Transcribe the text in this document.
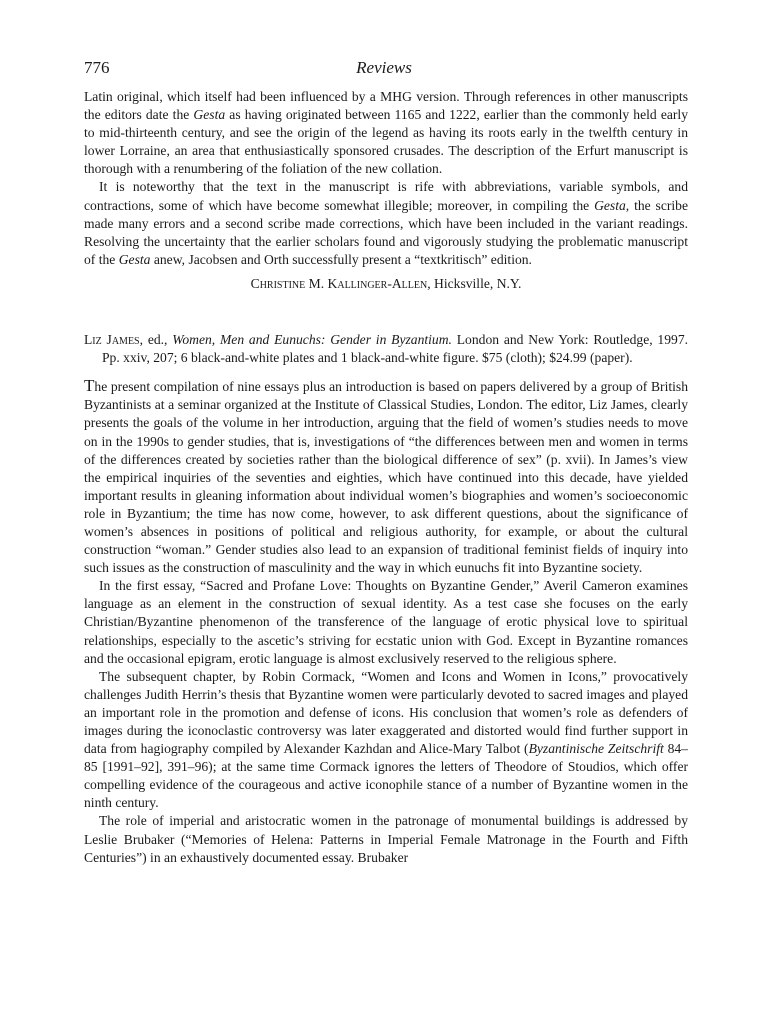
776	Reviews

Latin original, which itself had been influenced by a MHG version. Through references in other manuscripts the editors date the Gesta as having originated between 1165 and 1222, earlier than the commonly held early to mid-thirteenth century, and see the origin of the legend as having its roots early in the twelfth century in lower Lorraine, an area that enthusiastically sponsored crusades. The description of the Erfurt manuscript is thorough with a renumbering of the foliation of the new collation.

It is noteworthy that the text in the manuscript is rife with abbreviations, variable symbols, and contractions, some of which have become somewhat illegible; moreover, in compiling the Gesta, the scribe made many errors and a second scribe made corrections, which have been included in the variant readings. Resolving the uncertainty that the earlier scholars found and vigorously studying the problematic manuscript of the Gesta anew, Jacobsen and Orth successfully present a “textkritisch” edition.

Christine M. Kallinger-Allen, Hicksville, N.Y.

Liz James, ed., Women, Men and Eunuchs: Gender in Byzantium. London and New York: Routledge, 1997. Pp. xxiv, 207; 6 black-and-white plates and 1 black-and-white figure. $75 (cloth); $24.99 (paper).

The present compilation of nine essays plus an introduction is based on papers delivered by a group of British Byzantinists at a seminar organized at the Institute of Classical Studies, London. The editor, Liz James, clearly presents the goals of the volume in her introduction, arguing that the field of women’s studies needs to move on in the 1990s to gender studies, that is, investigations of “the differences between men and women in terms of the differences created by societies rather than the biological difference of sex” (p. xvii). In James’s view the empirical inquiries of the seventies and eighties, which have continued into this decade, have yielded important results in gleaning information about individual women’s biographies and women’s socioeconomic role in Byzantium; the time has now come, however, to ask different questions, about the significance of women’s absences in positions of political and religious authority, for example, or about the cultural construction “woman.” Gender studies also lead to an expansion of traditional feminist fields of inquiry into such issues as the construction of masculinity and the way in which eunuchs fit into Byzantine society.

In the first essay, “Sacred and Profane Love: Thoughts on Byzantine Gender,” Averil Cameron examines language as an element in the construction of sexual identity. As a test case she focuses on the early Christian/Byzantine phenomenon of the transference of the language of erotic physical love to spiritual relationships, especially to the ascetic’s striving for ecstatic union with God. Except in Byzantine romances and the occasional epigram, erotic language is almost exclusively reserved to the religious sphere.

The subsequent chapter, by Robin Cormack, “Women and Icons and Women in Icons,” provocatively challenges Judith Herrin’s thesis that Byzantine women were particularly devoted to sacred images and played an important role in the promotion and defense of icons. His conclusion that women’s role as defenders of images during the iconoclastic controversy was later exaggerated and distorted would find further support in data from hagiography compiled by Alexander Kazhdan and Alice-Mary Talbot (Byzantinische Zeitschrift 84–85 [1991–92], 391–96); at the same time Cormack ignores the letters of Theodore of Stoudios, which offer compelling evidence of the courageous and active iconophile stance of a number of Byzantine women in the ninth century.

The role of imperial and aristocratic women in the patronage of monumental buildings is addressed by Leslie Brubaker (“Memories of Helena: Patterns in Imperial Female Matronage in the Fourth and Fifth Centuries”) in an exhaustively documented essay. Brubaker
